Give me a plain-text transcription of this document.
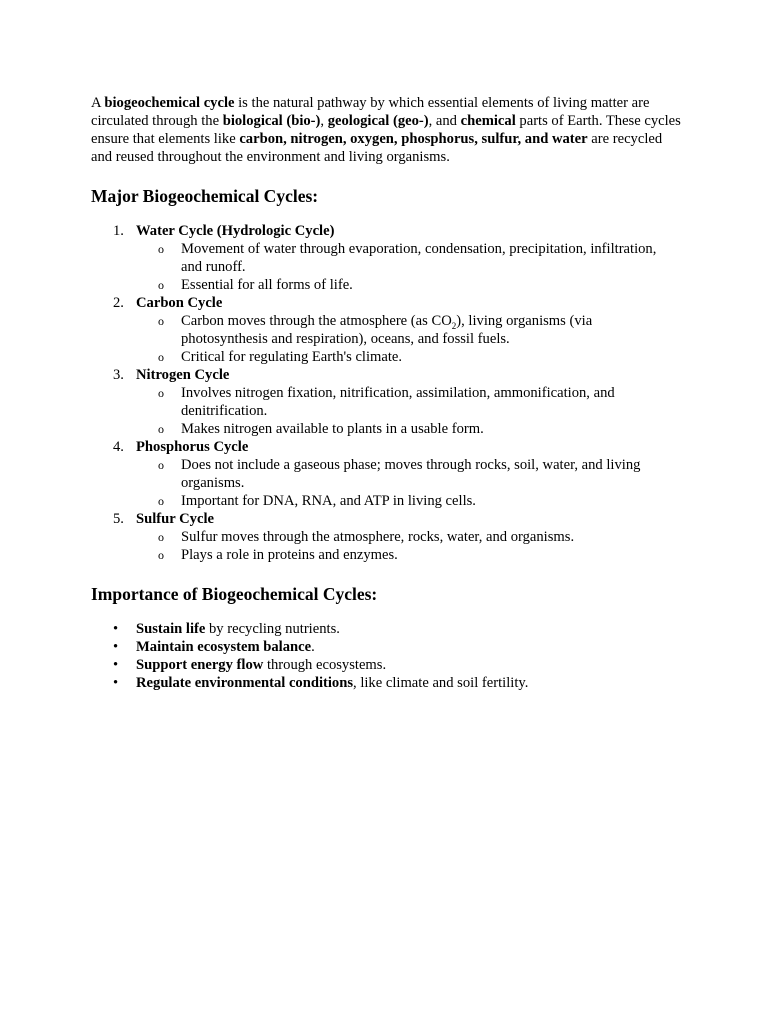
A biogeochemical cycle is the natural pathway by which essential elements of living matter are circulated through the biological (bio-), geological (geo-), and chemical parts of Earth. These cycles ensure that elements like carbon, nitrogen, oxygen, phosphorus, sulfur, and water are recycled and reused throughout the environment and living organisms.

Major Biogeochemical Cycles:
1. Water Cycle (Hydrologic Cycle)
o Movement of water through evaporation, condensation, precipitation, infiltration, and runoff.
o Essential for all forms of life.
2. Carbon Cycle
o Carbon moves through the atmosphere (as $CO_2$), living organisms (via photosynthesis and respiration), oceans, and fossil fuels.
o Critical for regulating Earth's climate.
3. Nitrogen Cycle
o Involves nitrogen fixation, nitrification, assimilation, ammonification, and denitrification.
o Makes nitrogen available to plants in a usable form.
4. Phosphorus Cycle
o Does not include a gaseous phase; moves through rocks, soil, water, and living organisms.
o Important for DNA, RNA, and ATP in living cells.
5. Sulfur Cycle
o Sulfur moves through the atmosphere, rocks, water, and organisms.
o Plays a role in proteins and enzymes.
Importance of Biogeochemical Cycles:
• Sustain life by recycling nutrients.
• Maintain ecosystem balance.
• Support energy flow through ecosystems.
• Regulate environmental conditions, like climate and soil fertility.
